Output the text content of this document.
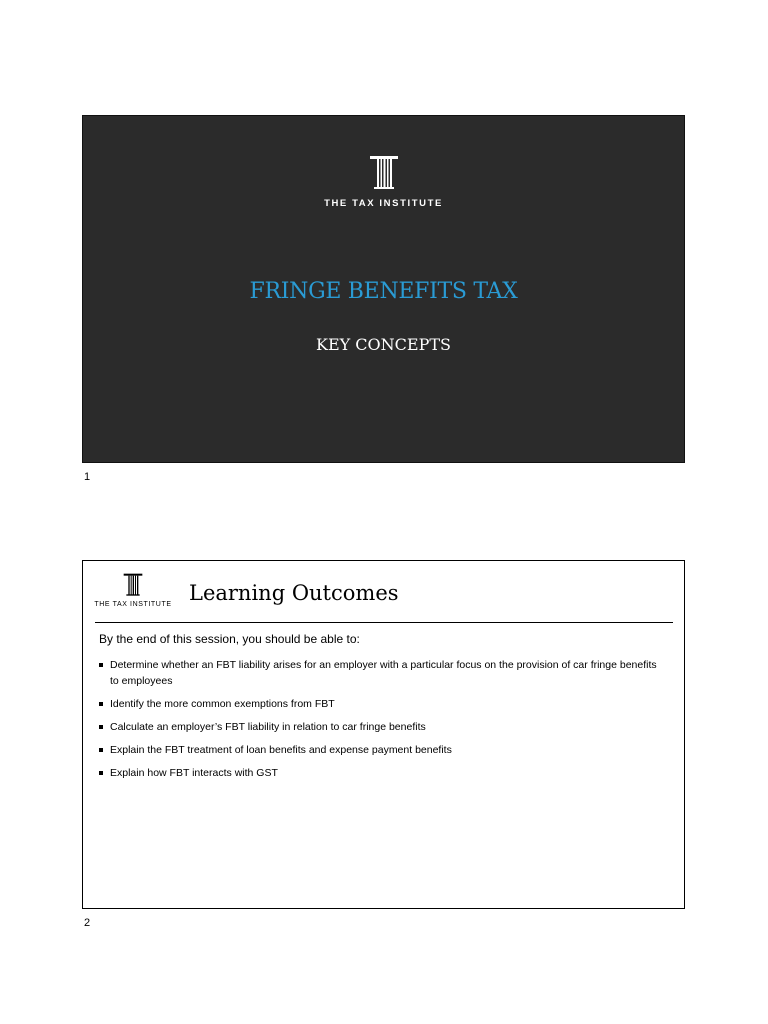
THE TAX INSTITUTE
FRINGE BENEFITS TAX
KEY CONCEPTS
1
THE TAX INSTITUTE Learning Outcomes
By the end of this session, you should be able to:
Determine whether an FBT liability arises for an employer with a particular focus on the provision of car fringe benefits to employees
Identify the more common exemptions from FBT
Calculate an employer’s FBT liability in relation to car fringe benefits
Explain the FBT treatment of loan benefits and expense payment benefits
Explain how FBT interacts with GST
2
